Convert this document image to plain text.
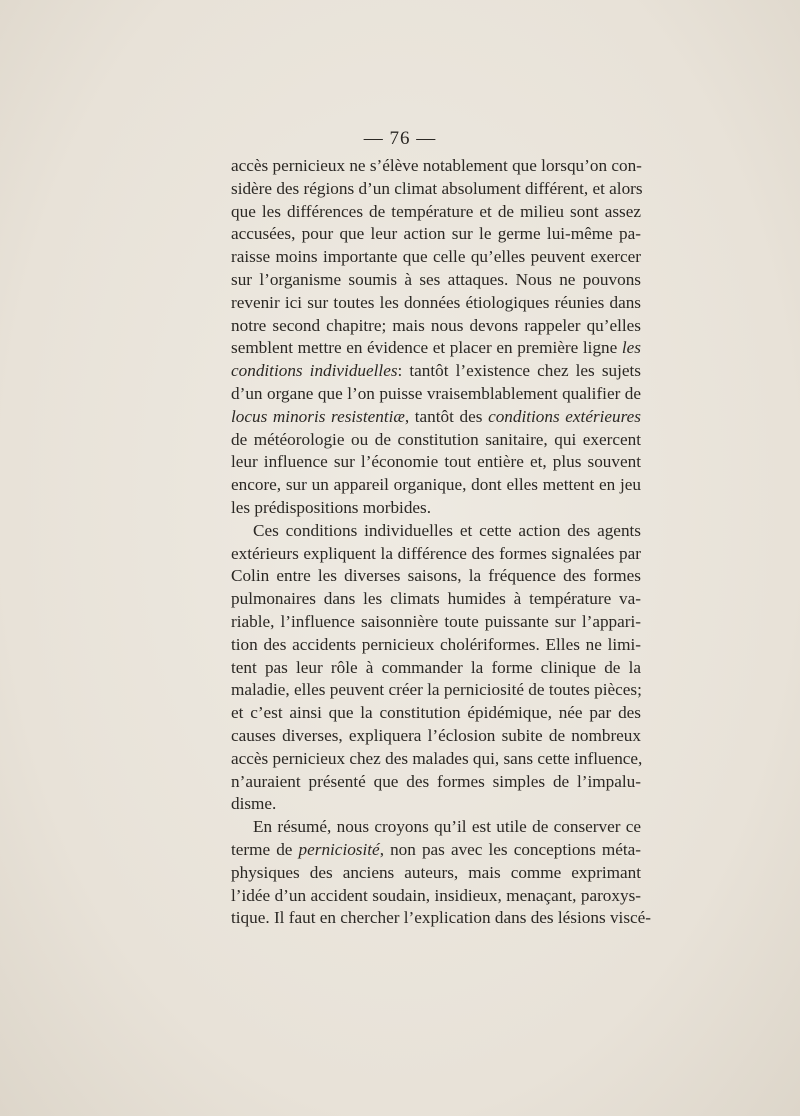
— 76 —

accès pernicieux ne s’élève notablement que lorsqu’on con-
sidère des régions d’un climat absolument différent, et alors
que les différences de température et de milieu sont assez
accusées, pour que leur action sur le germe lui-même pa-
raisse moins importante que celle qu’elles peuvent exercer
sur l’organisme soumis à ses attaques. Nous ne pouvons
revenir ici sur toutes les données étiologiques réunies dans
notre second chapitre; mais nous devons rappeler qu’elles
semblent mettre en évidence et placer en première ligne les
conditions individuelles: tantôt l’existence chez les sujets
d’un organe que l’on puisse vraisemblablement qualifier de
locus minoris resistentiæ, tantôt des conditions extérieures
de météorologie ou de constitution sanitaire, qui exercent
leur influence sur l’économie tout entière et, plus souvent
encore, sur un appareil organique, dont elles mettent en jeu
les prédispositions morbides.

Ces conditions individuelles et cette action des agents
extérieurs expliquent la différence des formes signalées par
Colin entre les diverses saisons, la fréquence des formes
pulmonaires dans les climats humides à température va-
riable, l’influence saisonnière toute puissante sur l’appari-
tion des accidents pernicieux cholériformes. Elles ne limi-
tent pas leur rôle à commander la forme clinique de la
maladie, elles peuvent créer la perniciosité de toutes pièces;
et c’est ainsi que la constitution épidémique, née par des
causes diverses, expliquera l’éclosion subite de nombreux
accès pernicieux chez des malades qui, sans cette influence,
n’auraient présenté que des formes simples de l’impalu-
disme.

En résumé, nous croyons qu’il est utile de conserver ce
terme de perniciosité, non pas avec les conceptions méta-
physiques des anciens auteurs, mais comme exprimant
l’idée d’un accident soudain, insidieux, menaçant, paroxys-
tique. Il faut en chercher l’explication dans des lésions viscé-
